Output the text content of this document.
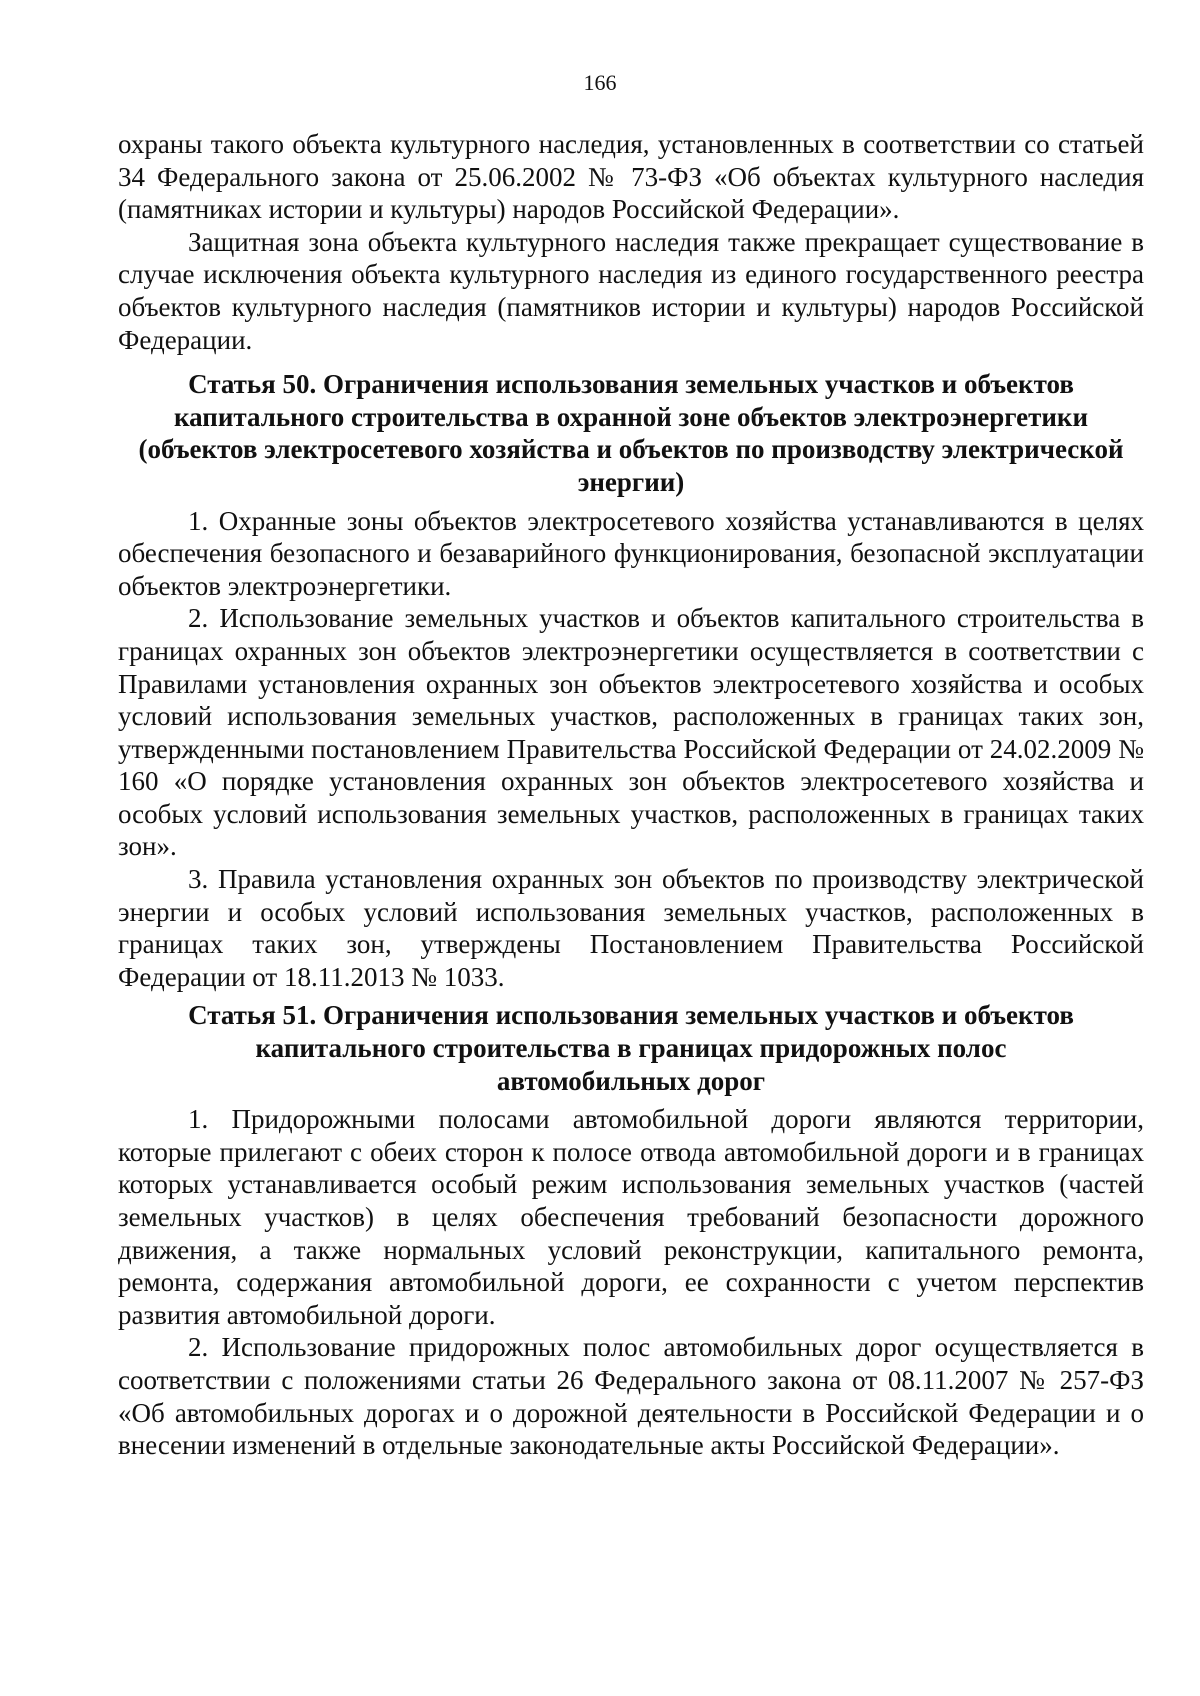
166

охраны такого объекта культурного наследия, установленных в соответствии со статьей 34 Федерального закона от 25.06.2002 № 73-ФЗ «Об объектах культурного наследия (памятниках истории и культуры) народов Российской Федерации».

Защитная зона объекта культурного наследия также прекращает существование в случае исключения объекта культурного наследия из единого государственного реестра объектов культурного наследия (памятников истории и культуры) народов Российской Федерации.

Статья 50. Ограничения использования земельных участков и объектов капитального строительства в охранной зоне объектов электроэнергетики (объектов электросетевого хозяйства и объектов по производству электрической энергии)

1. Охранные зоны объектов электросетевого хозяйства устанавливаются в целях обеспечения безопасного и безаварийного функционирования, безопасной эксплуатации объектов электроэнергетики.

2. Использование земельных участков и объектов капитального строительства в границах охранных зон объектов электроэнергетики осуществляется в соответствии с Правилами установления охранных зон объектов электросетевого хозяйства и особых условий использования земельных участков, расположенных в границах таких зон, утвержденными постановлением Правительства Российской Федерации от 24.02.2009 № 160 «О порядке установления охранных зон объектов электросетевого хозяйства и особых условий использования земельных участков, расположенных в границах таких зон».

3. Правила установления охранных зон объектов по производству электрической энергии и особых условий использования земельных участков, расположенных в границах таких зон, утверждены Постановлением Правительства Российской Федерации от 18.11.2013 № 1033.

Статья 51. Ограничения использования земельных участков и объектов капитального строительства в границах придорожных полос автомобильных дорог

1. Придорожными полосами автомобильной дороги являются территории, которые прилегают с обеих сторон к полосе отвода автомобильной дороги и в границах которых устанавливается особый режим использования земельных участков (частей земельных участков) в целях обеспечения требований безопасности дорожного движения, а также нормальных условий реконструкции, капитального ремонта, ремонта, содержания автомобильной дороги, ее сохранности с учетом перспектив развития автомобильной дороги.

2. Использование придорожных полос автомобильных дорог осуществляется в соответствии с положениями статьи 26 Федерального закона от 08.11.2007 № 257-ФЗ «Об автомобильных дорогах и о дорожной деятельности в Российской Федерации и о внесении изменений в отдельные законодательные акты Российской Федерации».
